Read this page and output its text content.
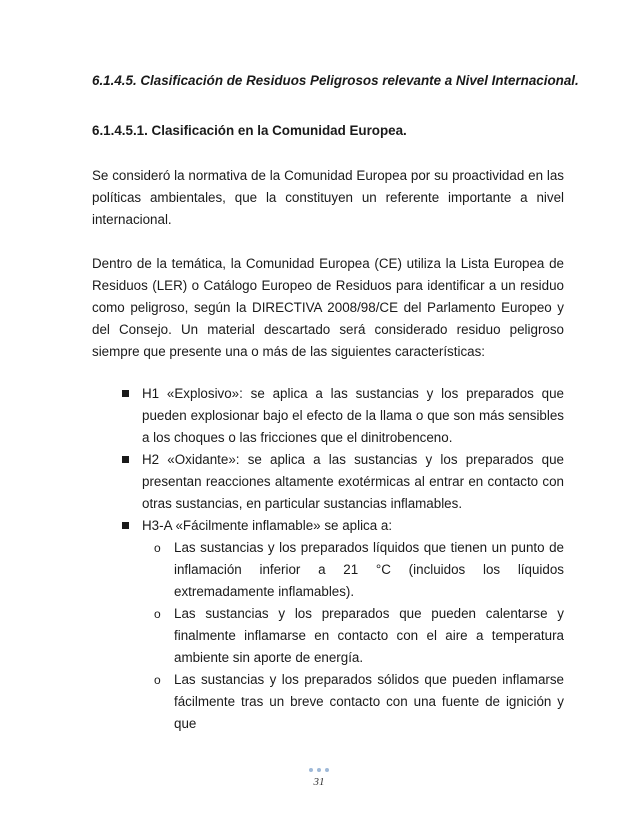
6.1.4.5. Clasificación de Residuos Peligrosos relevante a Nivel Internacional.

6.1.4.5.1. Clasificación en la Comunidad Europea.

Se consideró la normativa de la Comunidad Europea por su proactividad en las políticas ambientales, que la constituyen un referente importante a nivel internacional.

Dentro de la temática, la Comunidad Europea (CE) utiliza la Lista Europea de Residuos (LER) o Catálogo Europeo de Residuos para identificar a un residuo como peligroso, según la DIRECTIVA 2008/98/CE del Parlamento Europeo y del Consejo. Un material descartado será considerado residuo peligroso siempre que presente una o más de las siguientes características:

H1 «Explosivo»: se aplica a las sustancias y los preparados que pueden explosionar bajo el efecto de la llama o que son más sensibles a los choques o las fricciones que el dinitrobenceno.
H2 «Oxidante»: se aplica a las sustancias y los preparados que presentan reacciones altamente exotérmicas al entrar en contacto con otras sustancias, en particular sustancias inflamables.
H3-A «Fácilmente inflamable» se aplica a:
o Las sustancias y los preparados líquidos que tienen un punto de inflamación inferior a 21 °C (incluidos los líquidos extremadamente inflamables).
o Las sustancias y los preparados que pueden calentarse y finalmente inflamarse en contacto con el aire a temperatura ambiente sin aporte de energía.
o Las sustancias y los preparados sólidos que pueden inflamarse fácilmente tras un breve contacto con una fuente de ignición y que
31
